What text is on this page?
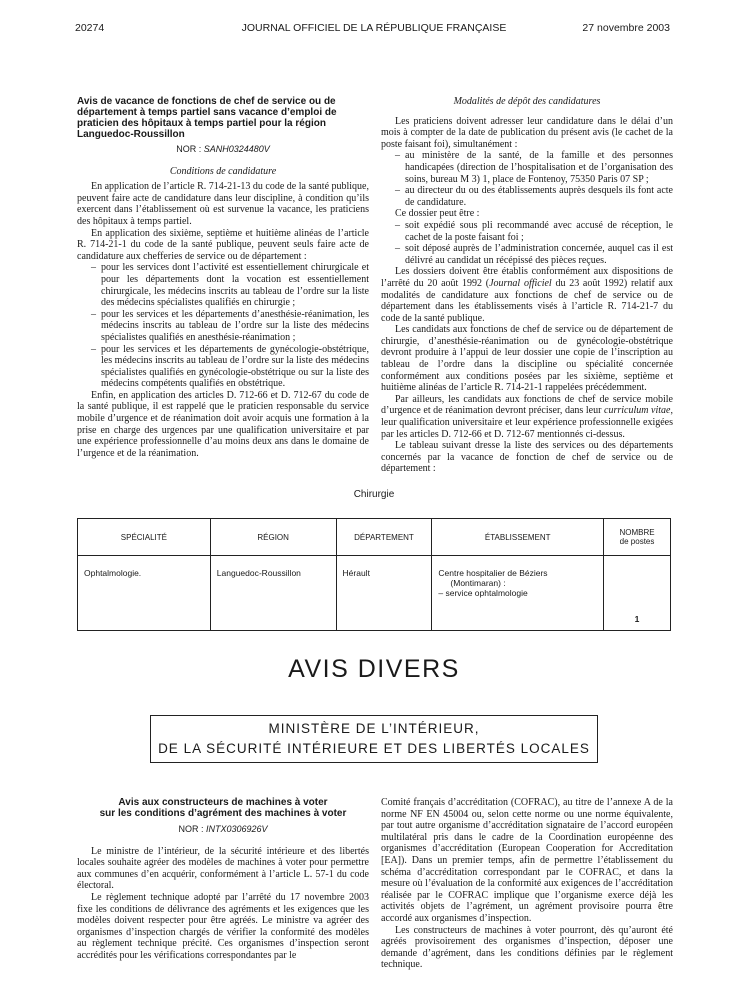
20274	JOURNAL OFFICIEL DE LA RÉPUBLIQUE FRANÇAISE	27 novembre 2003

Avis de vacance de fonctions de chef de service ou de département à temps partiel sans vacance d’emploi de praticien des hôpitaux à temps partiel pour la région Languedoc-Roussillon

NOR : SANH0324480V

Conditions de candidature

En application de l’article R. 714-21-13 du code de la santé publique, peuvent faire acte de candidature dans leur discipline, à condition qu’ils exercent dans l’établissement où est survenue la vacance, les praticiens des hôpitaux à temps partiel.

En application des sixième, septième et huitième alinéas de l’article R. 714-21-1 du code de la santé publique, peuvent seuls faire acte de candidature aux chefferies de service ou de département :

– pour les services dont l’activité est essentiellement chirurgicale et pour les départements dont la vocation est essentiellement chirurgicale, les médecins inscrits au tableau de l’ordre sur la liste des médecins spécialistes qualifiés en chirurgie ;
– pour les services et les départements d’anesthésie-réanimation, les médecins inscrits au tableau de l’ordre sur la liste des médecins spécialistes qualifiés en anesthésie-réanimation ;
– pour les services et les départements de gynécologie-obstétrique, les médecins inscrits au tableau de l’ordre sur la liste des médecins spécialistes qualifiés en gynécologie-obstétrique ou sur la liste des médecins compétents qualifiés en obstétrique.

Enfin, en application des articles D. 712-66 et D. 712-67 du code de la santé publique, il est rappelé que le praticien responsable du service mobile d’urgence et de réanimation doit avoir acquis une formation à la prise en charge des urgences par une qualification universitaire et par une expérience professionnelle d’au moins deux ans dans le domaine de l’urgence et de la réanimation.

Modalités de dépôt des candidatures

Les praticiens doivent adresser leur candidature dans le délai d’un mois à compter de la date de publication du présent avis (le cachet de la poste faisant foi), simultanément :

– au ministère de la santé, de la famille et des personnes handicapées (direction de l’hospitalisation et de l’organisation des soins, bureau M 3) 1, place de Fontenoy, 75350 Paris 07 SP ;
– au directeur du ou des établissements auprès desquels ils font acte de candidature.

Ce dossier peut être :

– soit expédié sous pli recommandé avec accusé de réception, le cachet de la poste faisant foi ;
– soit déposé auprès de l’administration concernée, auquel cas il est délivré au candidat un récépissé des pièces reçues.

Les dossiers doivent être établis conformément aux dispositions de l’arrêté du 20 août 1992 (Journal officiel du 23 août 1992) relatif aux modalités de candidature aux fonctions de chef de service ou de département dans les établissements visés à l’article R. 714-21-7 du code de la santé publique.

Les candidats aux fonctions de chef de service ou de département de chirurgie, d’anesthésie-réanimation ou de gynécologie-obstétrique devront produire à l’appui de leur dossier une copie de l’inscription au tableau de l’ordre dans la discipline ou spécialité concernée conformément aux conditions posées par les sixième, septième et huitième alinéas de l’article R. 714-21-1 rappelées précédemment.

Par ailleurs, les candidats aux fonctions de chef de service mobile d’urgence et de réanimation devront préciser, dans leur curriculum vitae, leur qualification universitaire et leur expérience professionnelle exigées par les articles D. 712-66 et D. 712-67 mentionnés ci-dessus.

Le tableau suivant dresse la liste des services ou des départements concernés par la vacance de fonction de chef de service ou de département :

Chirurgie
SPÉCIALITÉ	RÉGION	DÉPARTEMENT	ÉTABLISSEMENT	NOMBRE
de postes
Ophtalmologie.	Languedoc-Roussillon	Hérault	Centre hospitalier de Béziers
(Montimaran) :
– service ophtalmologie	1
AVIS DIVERS
MINISTÈRE DE L’INTÉRIEUR,
DE LA SÉCURITÉ INTÉRIEURE ET DES LIBERTÉS LOCALES

Avis aux constructeurs de machines à voter

sur les conditions d’agrément des machines à voter

NOR : INTX0306926V

Le ministre de l’intérieur, de la sécurité intérieure et des libertés locales souhaite agréer des modèles de machines à voter pour permettre aux communes d’en acquérir, conformément à l’article L. 57-1 du code électoral.

Le règlement technique adopté par l’arrêté du 17 novembre 2003 fixe les conditions de délivrance des agréments et les exigences que les modèles doivent respecter pour être agréés. Le ministre va agréer des organismes d’inspection chargés de vérifier la conformité des modèles au règlement technique précité. Ces organismes d’inspection seront accrédités pour les vérifications correspondantes par le

Comité français d’accréditation (COFRAC), au titre de l’annexe A de la norme NF EN 45004 ou, selon cette norme ou une norme équivalente, par tout autre organisme d’accréditation signataire de l’accord européen multilatéral pris dans le cadre de la Coordination européenne des organismes d’accréditation (European Cooperation for Accreditation [EA]). Dans un premier temps, afin de permettre l’établissement du schéma d’accréditation correspondant par le COFRAC, et dans la mesure où l’évaluation de la conformité aux exigences de l’accréditation réalisée par le COFRAC implique que l’organisme exerce déjà les activités objets de l’agrément, un agrément provisoire pourra être accordé aux organismes d’inspection.

Les constructeurs de machines à voter pourront, dès qu’auront été agréés provisoirement des organismes d’inspection, déposer une demande d’agrément, dans les conditions définies par le règlement technique.
